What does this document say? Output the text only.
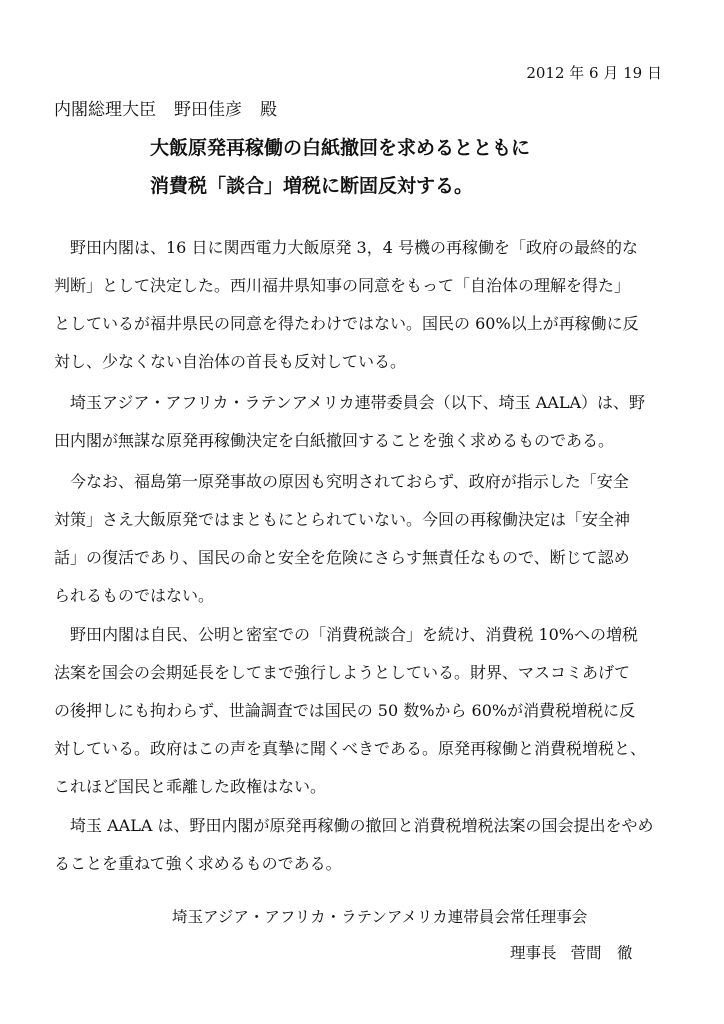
2012 年 6 月 19 日
内閣総理大臣 野田佳彦 殿
大飯原発再稼働の白紙撤回を求めるとともに
消費税「談合」増税に断固反対する。
　野田内閣は、16 日に関西電力大飯原発 3，4 号機の再稼働を「政府の最終的な
判断」として決定した。西川福井県知事の同意をもって「自治体の理解を得た」
としているが福井県民の同意を得たわけではない。国民の 60%以上が再稼働に反
対し、少なくない自治体の首長も反対している。
　埼玉アジア・アフリカ・ラテンアメリカ連帯委員会（以下、埼玉 AALA）は、野
田内閣が無謀な原発再稼働決定を白紙撤回することを強く求めるものである。
　今なお、福島第一原発事故の原因も究明されておらず、政府が指示した「安全
対策」さえ大飯原発ではまともにとられていない。今回の再稼働決定は「安全神
話」の復活であり、国民の命と安全を危険にさらす無責任なもので、断じて認め
られるものではない。
　野田内閣は自民、公明と密室での「消費税談合」を続け、消費税 10%への増税
法案を国会の会期延長をしてまで強行しようとしている。財界、マスコミあげて
の後押しにも拘わらず、世論調査では国民の 50 数%から 60%が消費税増税に反
対している。政府はこの声を真摯に聞くべきである。原発再稼働と消費税増税と、
これほど国民と乖離した政権はない。
　埼玉 AALA は、野田内閣が原発再稼働の撤回と消費税増税法案の国会提出をやめ
ることを重ねて強く求めるものである。
埼玉アジア・アフリカ・ラテンアメリカ連帯員会常任理事会
理事長 菅間　徹
